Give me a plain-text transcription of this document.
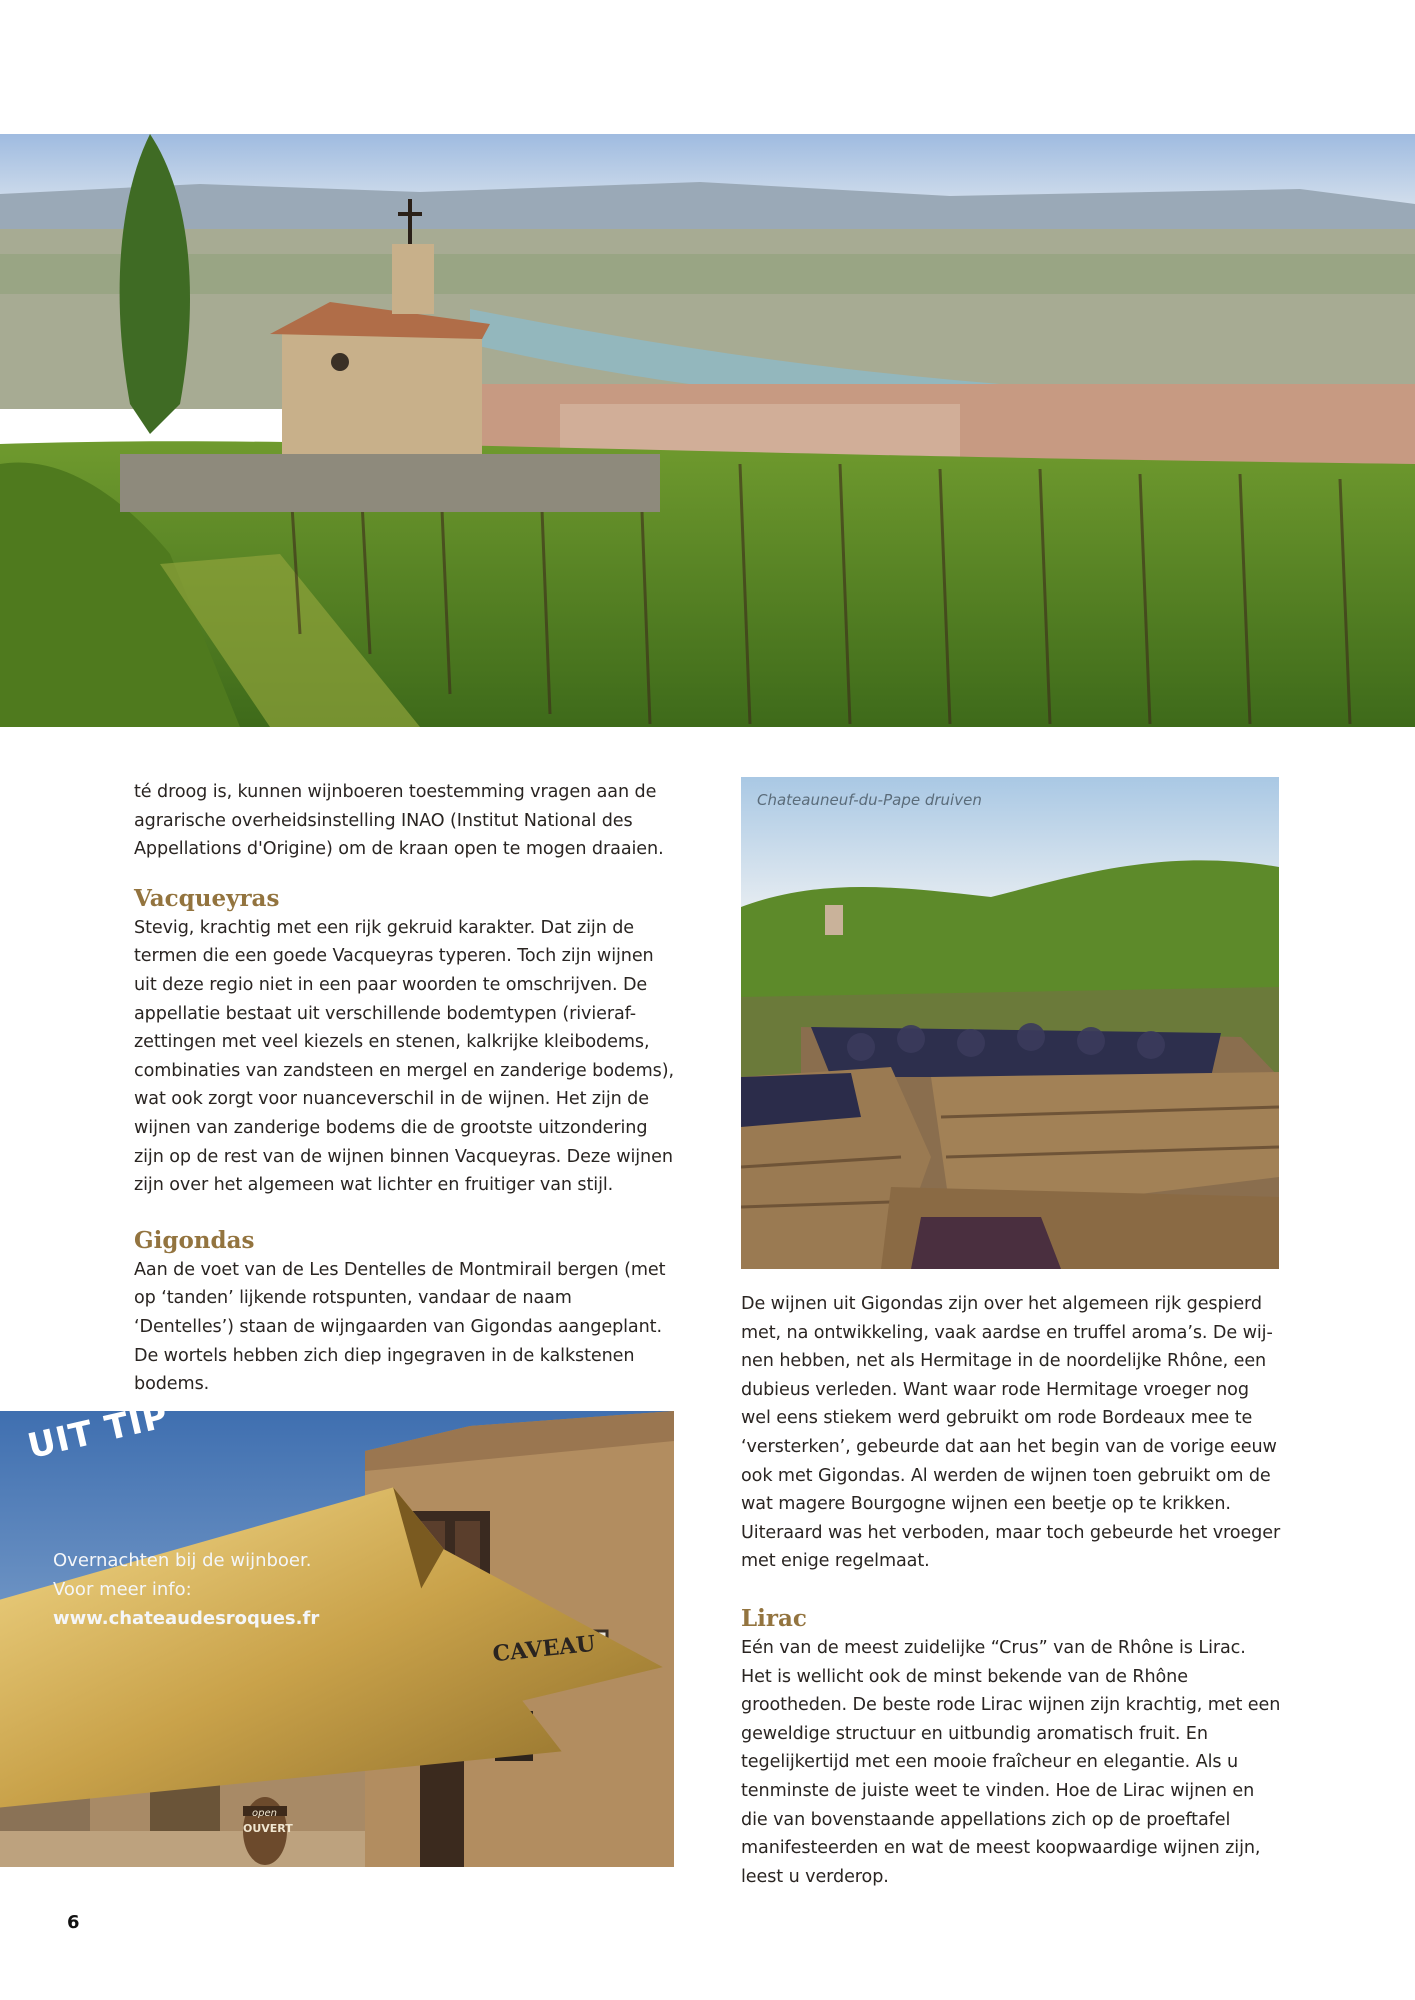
té droog is, kunnen wijnboeren toestemming vragen aan de agrarische overheidsinstelling INAO (Institut National des Appellations d'Origine) om de kraan open te mogen draaien.

Vacqueyras

Stevig, krachtig met een rijk gekruid karakter. Dat zijn de termen die een goede Vacqueyras typeren. Toch zijn wijnen uit deze regio niet in een paar woorden te omschrijven. De appellatie bestaat uit verschillende bodemtypen (rivieraf-zettingen met veel kiezels en stenen, kalkrijke kleibodems, combinaties van zandsteen en mergel en zanderige bodems), wat ook zorgt voor nuanceverschil in de wijnen. Het zijn de wijnen van zanderige bodems die de grootste uitzondering zijn op de rest van de wijnen binnen Vacqueyras. Deze wijnen zijn over het algemeen wat lichter en fruitiger van stijl.

Gigondas

Aan de voet van de Les Dentelles de Montmirail bergen (met op ‘tanden’ lijkende rotspunten, vandaar de naam ‘Dentelles’) staan de wijngaarden van Gigondas aangeplant. De wortels hebben zich diep ingegraven in de kalkstenen bodems.

Chateauneuf-du-Pape druiven

De wijnen uit Gigondas zijn over het algemeen rijk gespierd met, na ontwikkeling, vaak aardse en truffel aroma’s. De wij-nen hebben, net als Hermitage in de noordelijke Rhône, een dubieus verleden. Want waar rode Hermitage vroeger nog wel eens stiekem werd gebruikt om rode Bordeaux mee te ‘versterken’, gebeurde dat aan het begin van de vorige eeuw ook met Gigondas. Al werden de wijnen toen gebruikt om de wat magere Bourgogne wijnen een beetje op te krikken. Uiteraard was het verboden, maar toch gebeurde het vroeger met enige regelmaat.

Lirac

Eén van de meest zuidelijke “Crus” van de Rhône is Lirac. Het is wellicht ook de minst bekende van de Rhône grootheden. De beste rode Lirac wijnen zijn krachtig, met een geweldige structuur en uitbundig aromatisch fruit. En tegelijkertijd met een mooie fraîcheur en elegantie. Als u tenminste de juiste weet te vinden. Hoe de Lirac wijnen en die van bovenstaande appellations zich op de proeftafel manifesteerden en wat de meest koopwaardige wijnen zijn, leest u verderop.

UIT TIP
Overnachten bij de wijnboer.
Voor meer info:
www.chateaudesroques.fr
CAVEAU
open
OUVERT
6
